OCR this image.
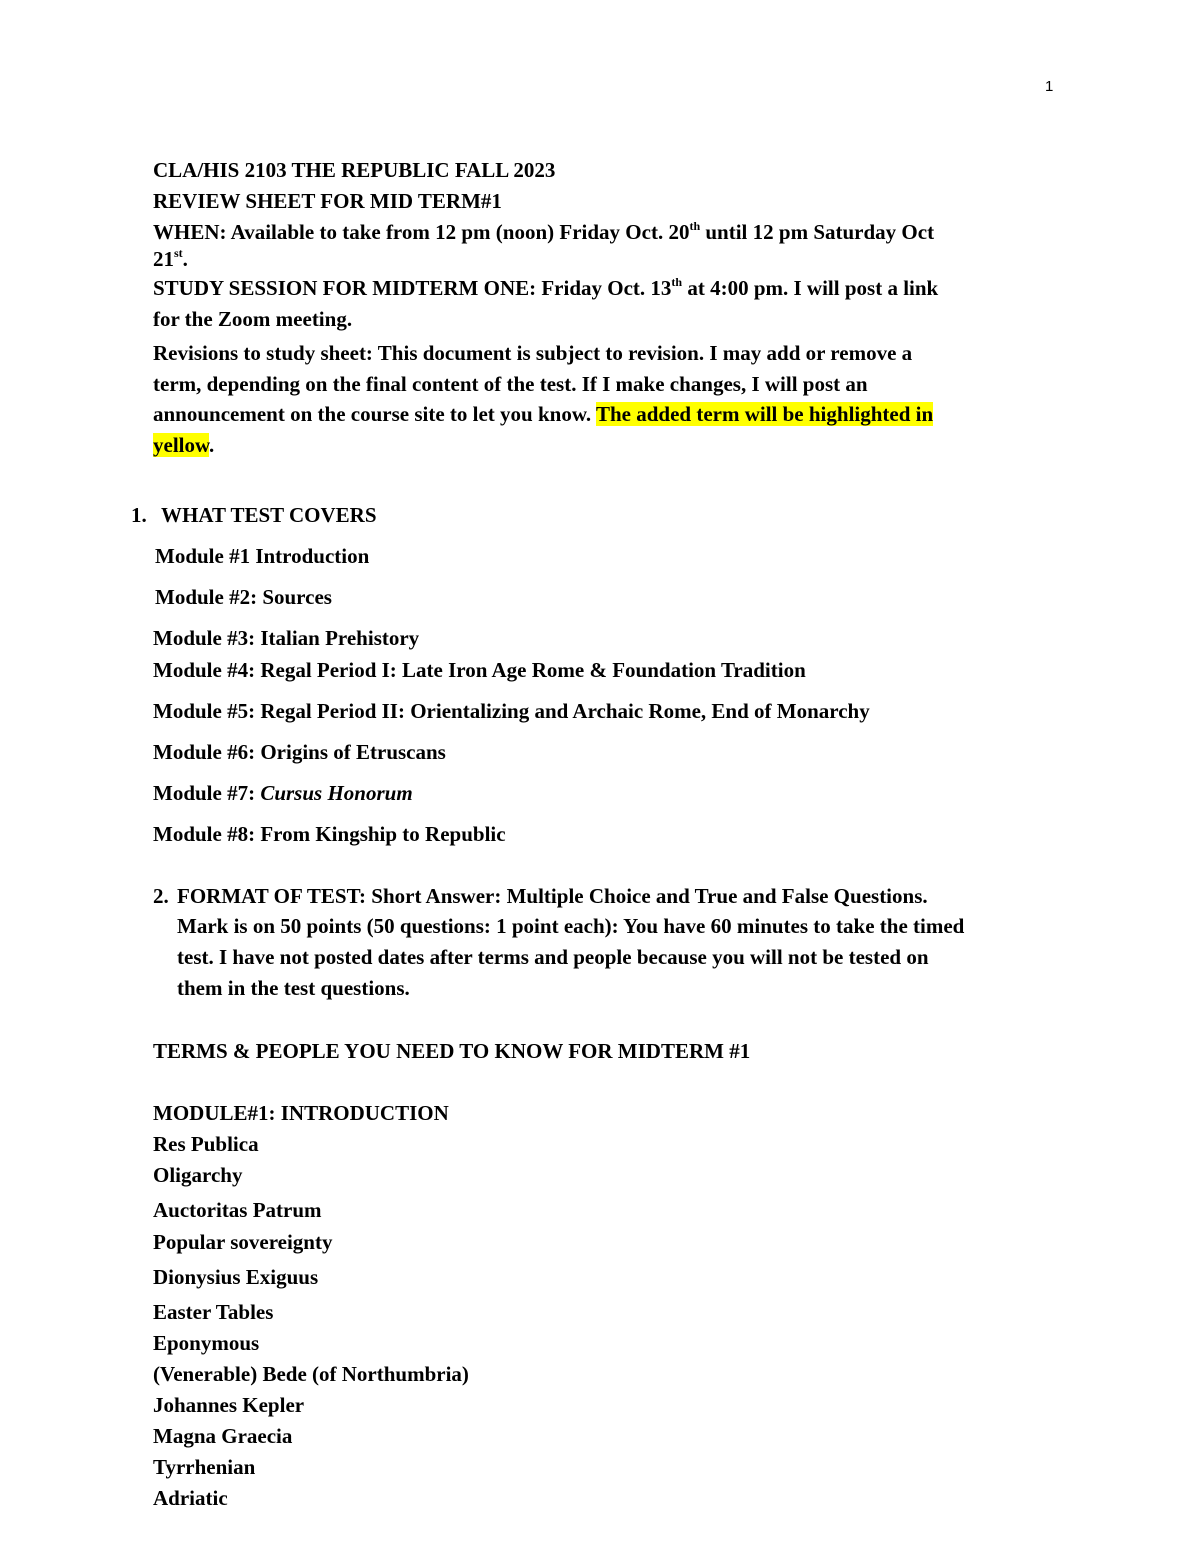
1
CLA/HIS 2103 THE REPUBLIC FALL 2023
REVIEW SHEET FOR MID TERM#1
WHEN: Available to take from 12 pm (noon) Friday Oct. 20th until 12 pm Saturday Oct
21st.
STUDY SESSION FOR MIDTERM ONE: Friday Oct. 13th at 4:00 pm. I will post a link
for the Zoom meeting.
Revisions to study sheet: This document is subject to revision. I may add or remove a
term, depending on the final content of the test. If I make changes, I will post an
announcement on the course site to let you know. The added term will be highlighted in
yellow.
1. WHAT TEST COVERS
Module #1 Introduction
Module #2: Sources
Module #3: Italian Prehistory
Module #4: Regal Period I: Late Iron Age Rome & Foundation Tradition
Module #5: Regal Period II: Orientalizing and Archaic Rome, End of Monarchy
Module #6: Origins of Etruscans
Module #7: Cursus Honorum
Module #8: From Kingship to Republic
2. FORMAT OF TEST: Short Answer: Multiple Choice and True and False Questions.
Mark is on 50 points (50 questions: 1 point each): You have 60 minutes to take the timed
test. I have not posted dates after terms and people because you will not be tested on
them in the test questions.
TERMS & PEOPLE YOU NEED TO KNOW FOR MIDTERM #1
MODULE#1: INTRODUCTION
Res Publica
Oligarchy
Auctoritas Patrum
Popular sovereignty
Dionysius Exiguus
Easter Tables
Eponymous
(Venerable) Bede (of Northumbria)
Johannes Kepler
Magna Graecia
Tyrrhenian
Adriatic
